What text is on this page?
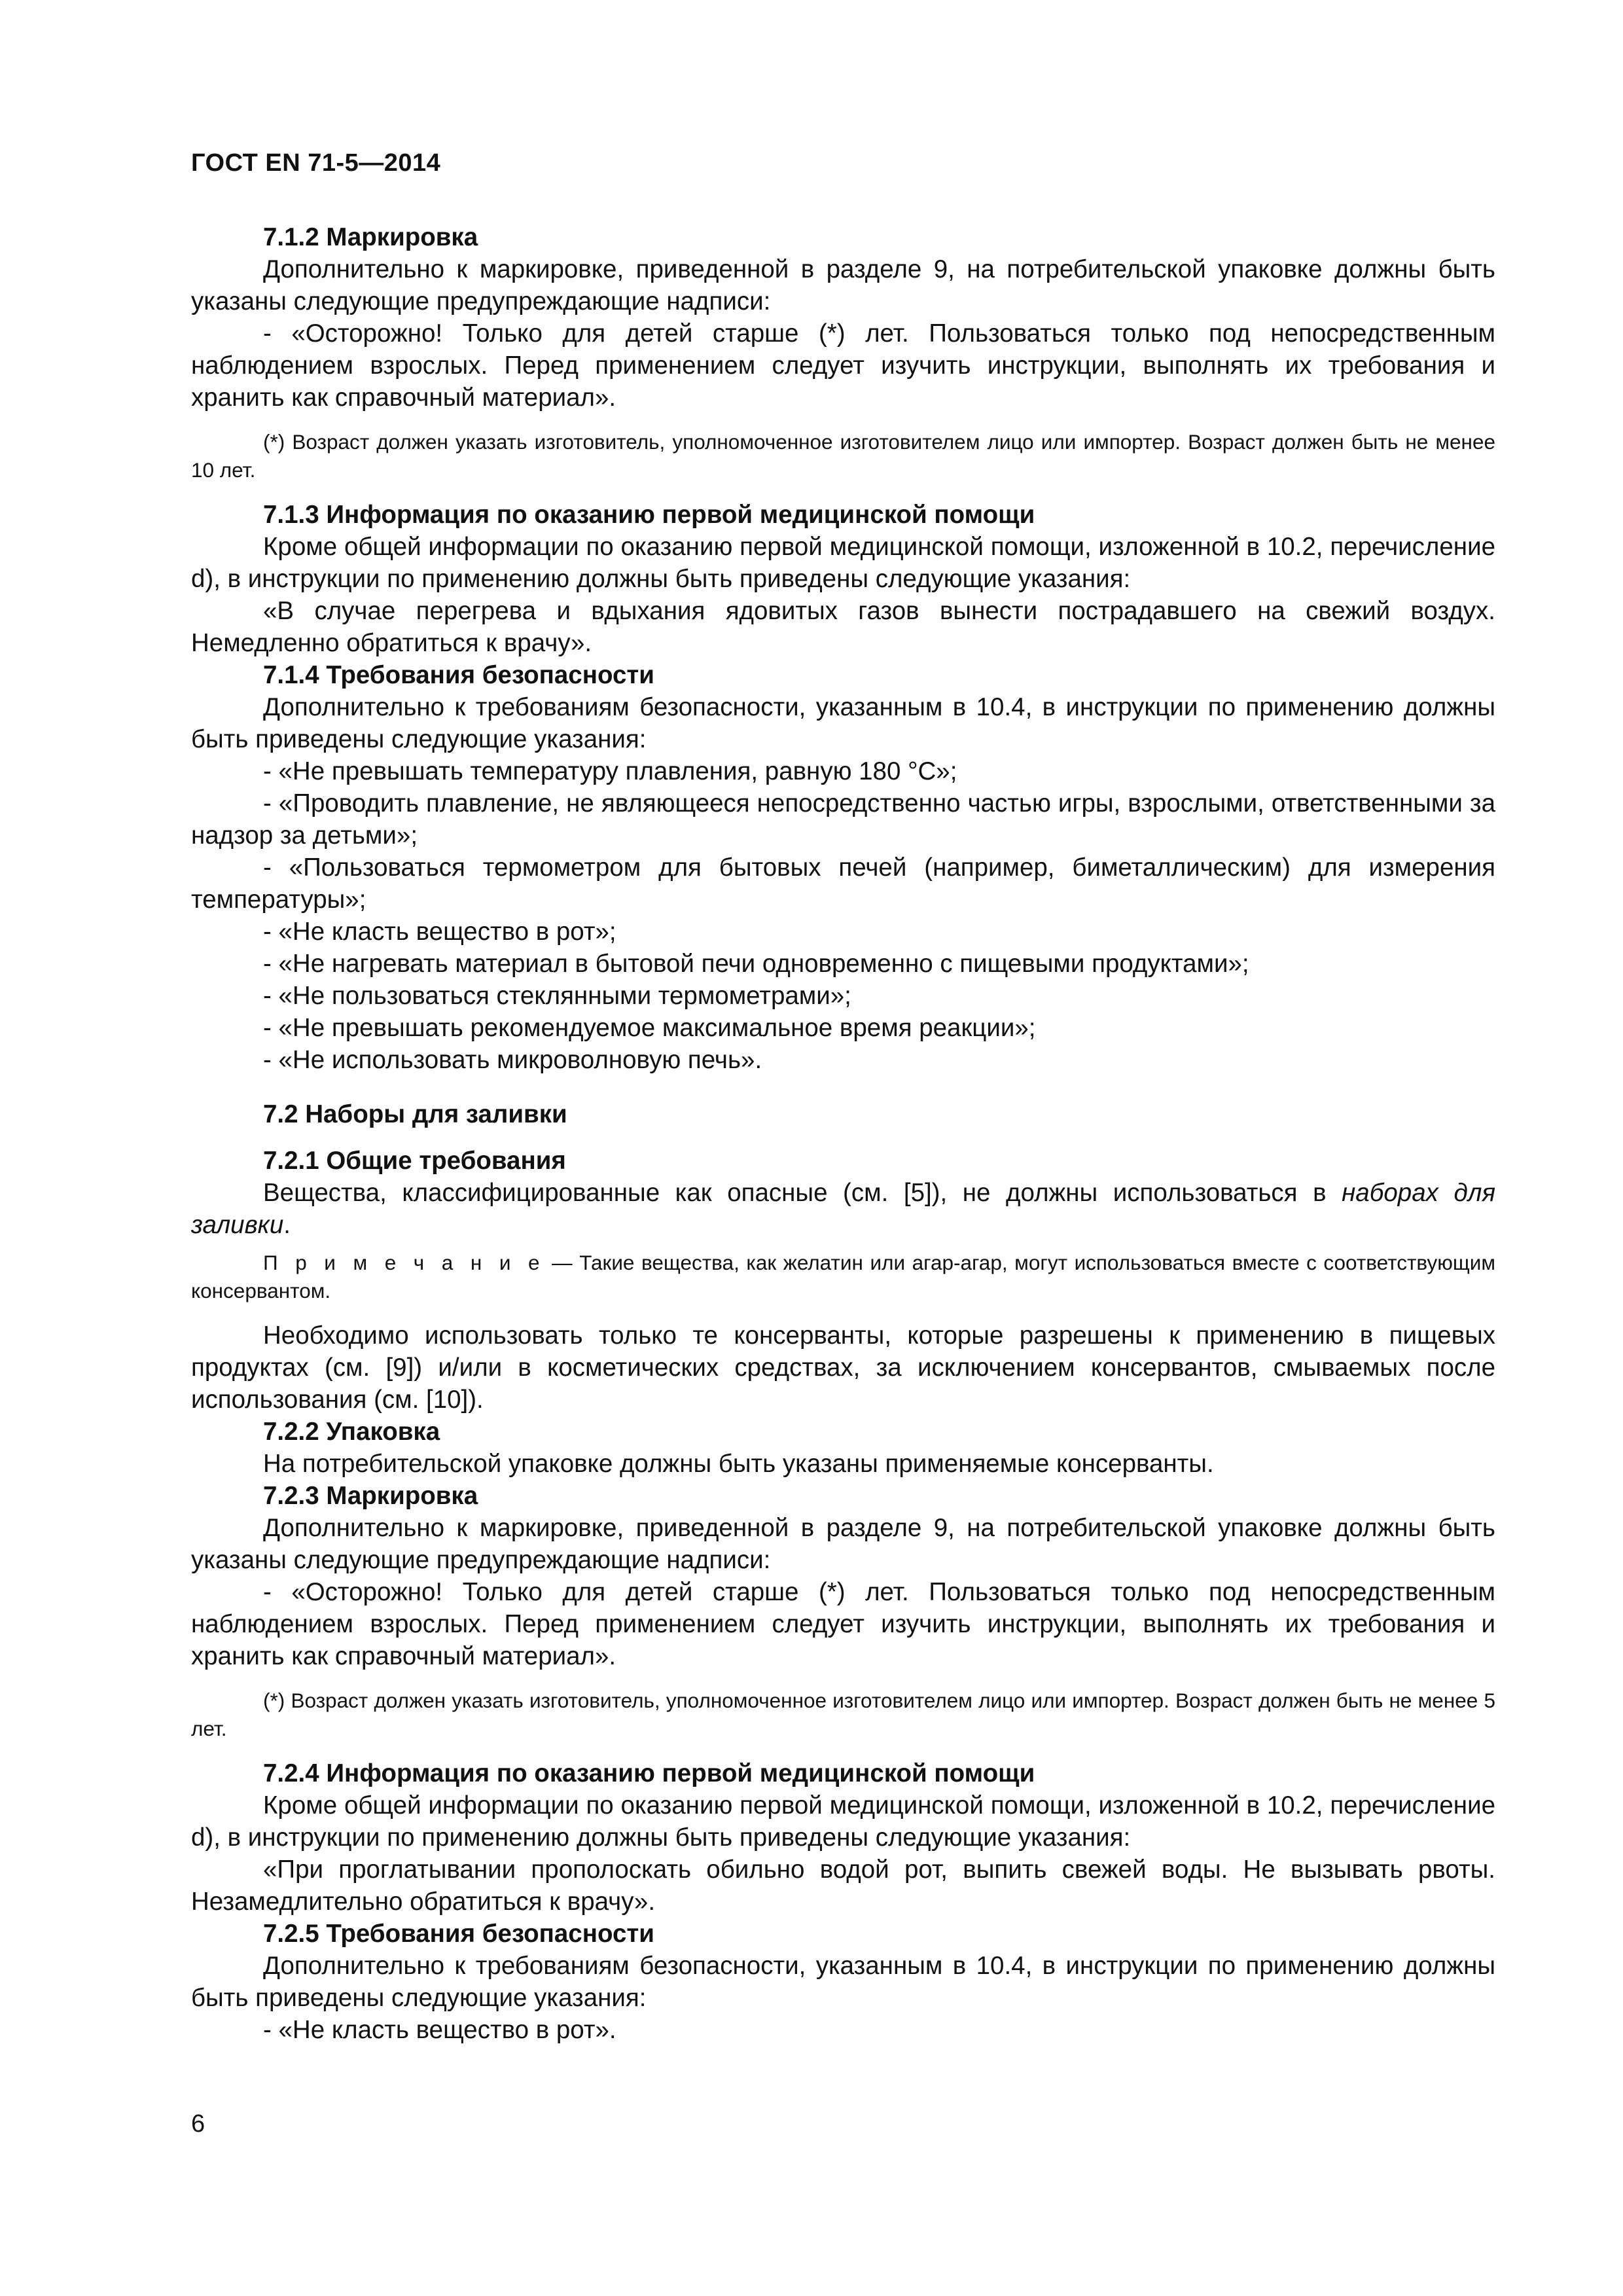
ГОСТ EN 71-5—2014

7.1.2 Маркировка

Дополнительно к маркировке, приведенной в разделе 9, на потребительской упаковке должны быть указаны следующие предупреждающие надписи:

- «Осторожно! Только для детей старше (*) лет. Пользоваться только под непосредственным наблюдением взрослых. Перед применением следует изучить инструкции, выполнять их требования и хранить как справочный материал».

(*) Возраст должен указать изготовитель, уполномоченное изготовителем лицо или импортер. Возраст должен быть не менее 10 лет.

7.1.3 Информация по оказанию первой медицинской помощи

Кроме общей информации по оказанию первой медицинской помощи, изложенной в 10.2, перечисление d), в инструкции по применению должны быть приведены следующие указания:

«В случае перегрева и вдыхания ядовитых газов вынести пострадавшего на свежий воздух. Немедленно обратиться к врачу».

7.1.4 Требования безопасности

Дополнительно к требованиям безопасности, указанным в 10.4, в инструкции по применению должны быть приведены следующие указания:

- «Не превышать температуру плавления, равную 180 °С»;

- «Проводить плавление, не являющееся непосредственно частью игры, взрослыми, ответственными за надзор за детьми»;

- «Пользоваться термометром для бытовых печей (например, биметаллическим) для измерения температуры»;

- «Не класть вещество в рот»;

- «Не нагревать материал в бытовой печи одновременно с пищевыми продуктами»;

- «Не пользоваться стеклянными термометрами»;

- «Не превышать рекомендуемое максимальное время реакции»;

- «Не использовать микроволновую печь».

7.2 Наборы для заливки

7.2.1 Общие требования

Вещества, классифицированные как опасные (см. [5]), не должны использоваться в наборах для заливки.

П р и м е ч а н и е — Такие вещества, как желатин или агар-агар, могут использоваться вместе с соответствующим консервантом.

Необходимо использовать только те консерванты, которые разрешены к применению в пищевых продуктах (см. [9]) и/или в косметических средствах, за исключением консервантов, смываемых после использования (см. [10]).

7.2.2 Упаковка

На потребительской упаковке должны быть указаны применяемые консерванты.

7.2.3 Маркировка

Дополнительно к маркировке, приведенной в разделе 9, на потребительской упаковке должны быть указаны следующие предупреждающие надписи:

- «Осторожно! Только для детей старше (*) лет. Пользоваться только под непосредственным наблюдением взрослых. Перед применением следует изучить инструкции, выполнять их требования и хранить как справочный материал».

(*) Возраст должен указать изготовитель, уполномоченное изготовителем лицо или импортер. Возраст должен быть не менее 5 лет.

7.2.4 Информация по оказанию первой медицинской помощи

Кроме общей информации по оказанию первой медицинской помощи, изложенной в 10.2, перечисление d), в инструкции по применению должны быть приведены следующие указания:

«При проглатывании прополоскать обильно водой рот, выпить свежей воды. Не вызывать рвоты. Незамедлительно обратиться к врачу».

7.2.5 Требования безопасности

Дополнительно к требованиям безопасности, указанным в 10.4, в инструкции по применению должны быть приведены следующие указания:

- «Не класть вещество в рот».

6
